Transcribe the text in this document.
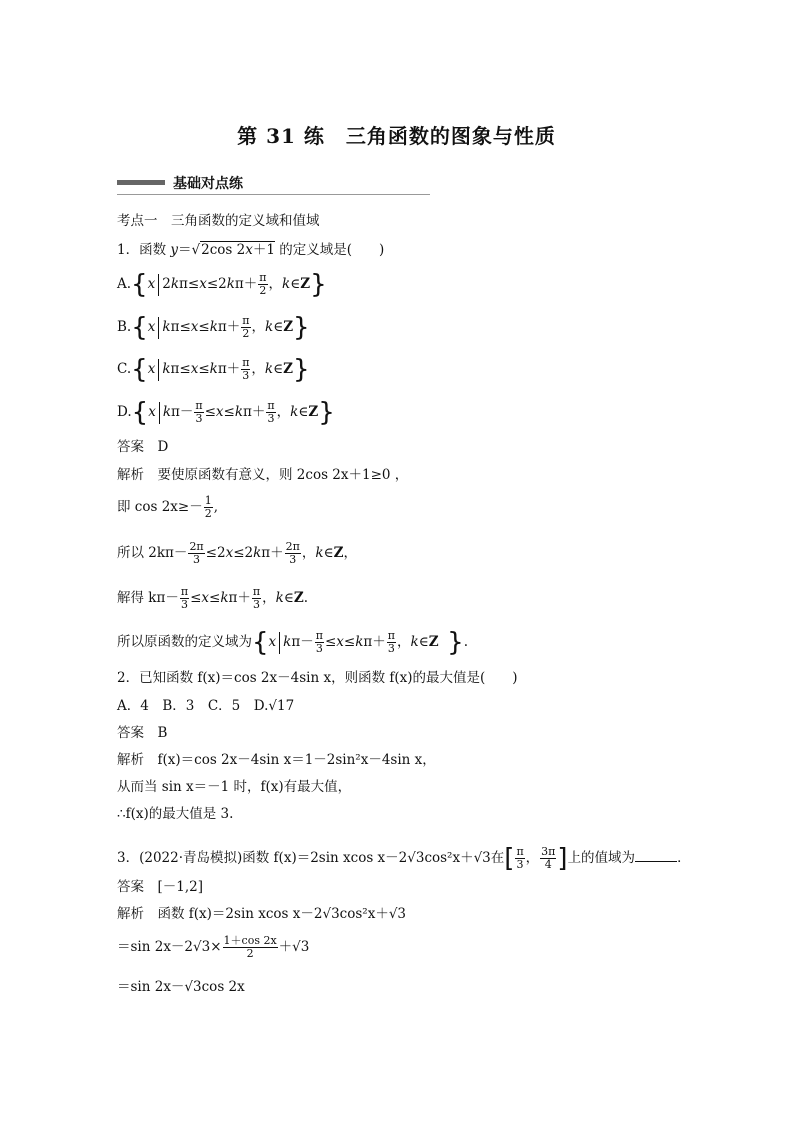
第 31 练　三角函数的图象与性质
基础对点练
考点一　三角函数的定义域和值域
1．函数 y＝√2cos 2x＋1 的定义域是(　　)
A.{x $2k\pi\le x\le 2k\pi+ \frac{\pi}{2}$ ，k∈Z}
B.{x $k\pi\le x\le k\pi+ \frac{\pi}{2}$ ，k∈Z}
C.{x $k\pi\le x\le k\pi+ \frac{\pi}{3}$ ，k∈Z}
D.{x $k\pi- \frac{\pi}{3} \le x\le k\pi+ \frac{\pi}{3}$ ，k∈Z}
答案　D
解析　要使原函数有意义，则 2cos 2x＋1≥0 ，
即 $\cos 2x\ge- \frac{1}{2}$ ,
所以 $2k\pi- \frac{2\pi}{3} \le 2x\le 2k\pi+ \frac{2\pi}{3}$ ，k∈Z，
解得 $k\pi- \frac{\pi}{3} \le x\le k\pi+ \frac{\pi}{3}$ ，k∈Z.
所以原函数的定义域为{x $k\pi- \frac{\pi}{3} \le x\le k\pi+ \frac{\pi}{3}$ ，k∈Z }.
2．已知函数 f(x)＝cos 2x－4sin x，则函数 f(x)的最大值是(　　)
A．4　B．3　C．5　D.√17
答案　B
解析　f(x)＝cos 2x－4sin x＝1－2sin²x－4sin x，
从而当 sin x＝－1 时，f(x)有最大值，
∴f(x)的最大值是 3.
3．(2022·青岛模拟)函数 f(x)＝2sin xcos x－2√3cos²x＋√3在[ $\frac{\pi}{3}$ ， $\frac{3\pi}{4}$ ]上的值域为	．
答案　[－1,2]
解析　函数 f(x)＝2sin xcos x－2√3cos²x＋√3
＝sin $2x-2√3\times \frac{1+\cos 2x}{2} +√3$
＝sin 2x－√3cos 2x
